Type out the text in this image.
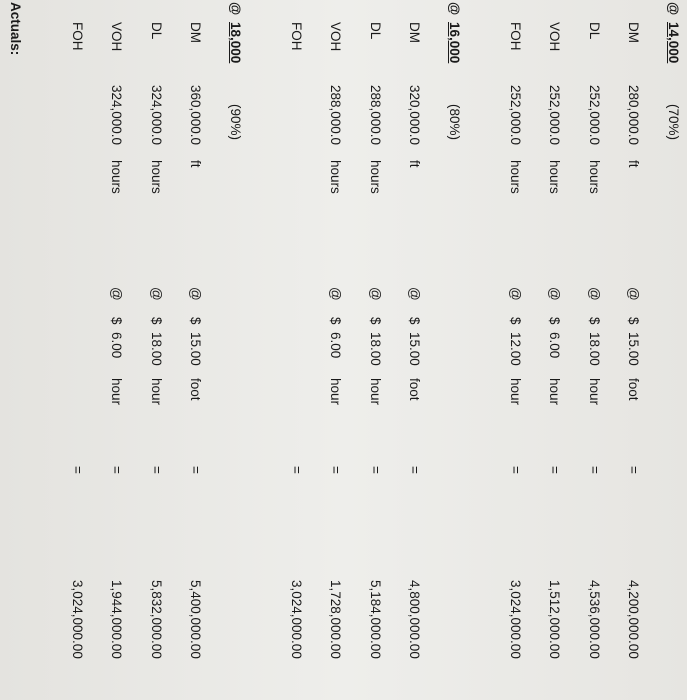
@
14,000
(70%)
DM
280,000.0
ft
@
$
15.00
foot
=
4,200,000.00
DL
252,000.0
hours
@
$
18.00
hour
=
4,536,000.00
VOH
252,000.0
hours
@
$
6.00
hour
=
1,512,000.00
FOH
252,000.0
hours
@
$
12.00
hour
=
3,024,000.00
@
16,000
(80%)
DM
320,000.0
ft
@
$
15.00
foot
=
4,800,000.00
DL
288,000.0
hours
@
$
18.00
hour
=
5,184,000.00
VOH
288,000.0
hours
@
$
6.00
hour
=
1,728,000.00
FOH
=
3,024,000.00
@
18,000
(90%)
DM
360,000.0
ft
@
$
15.00
foot
=
5,400,000.00
DL
324,000.0
hours
@
$
18.00
hour
=
5,832,000.00
VOH
324,000.0
hours
@
$
6.00
hour
=
1,944,000.00
FOH
=
3,024,000.00
Actuals:
